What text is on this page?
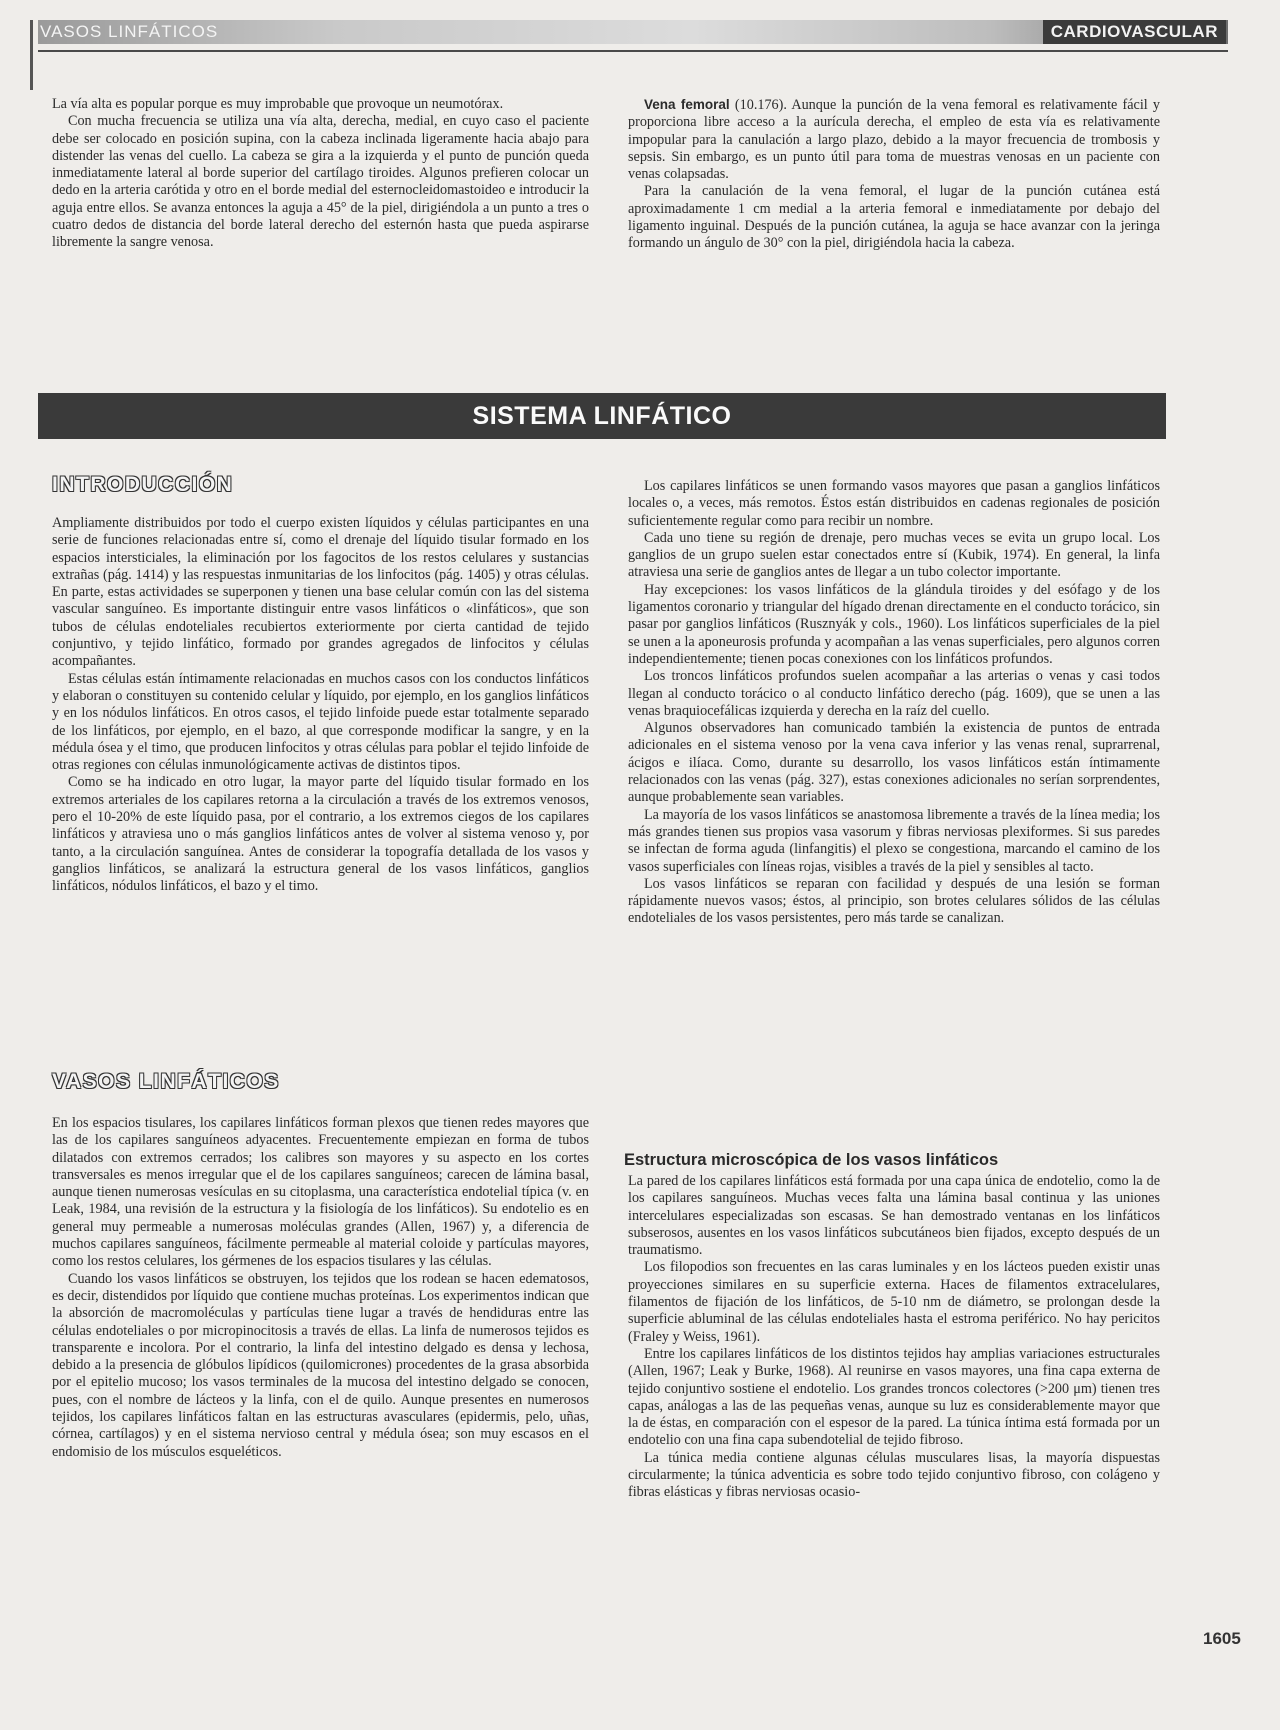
VASOS LINFÁTICOS	CARDIOVASCULAR

La vía alta es popular porque es muy improbable que provoque un neumotórax.

Con mucha frecuencia se utiliza una vía alta, derecha, medial, en cuyo caso el paciente debe ser colocado en posición supina, con la cabeza inclinada ligeramente hacia abajo para distender las venas del cuello. La cabeza se gira a la izquierda y el punto de punción queda inmediatamente lateral al borde superior del cartílago tiroides. Algunos prefieren colocar un dedo en la arteria carótida y otro en el borde medial del esternocleidomastoideo e introducir la aguja entre ellos. Se avanza entonces la aguja a 45° de la piel, dirigiéndola a un punto a tres o cuatro dedos de distancia del borde lateral derecho del esternón hasta que pueda aspirarse libremente la sangre venosa.

Vena femoral (10.176). Aunque la punción de la vena femoral es relativamente fácil y proporciona libre acceso a la aurícula derecha, el empleo de esta vía es relativamente impopular para la canulación a largo plazo, debido a la mayor frecuencia de trombosis y sepsis. Sin embargo, es un punto útil para toma de muestras venosas en un paciente con venas colapsadas.

Para la canulación de la vena femoral, el lugar de la punción cutánea está aproximadamente 1 cm medial a la arteria femoral e inmediatamente por debajo del ligamento inguinal. Después de la punción cutánea, la aguja se hace avanzar con la jeringa formando un ángulo de 30° con la piel, dirigiéndola hacia la cabeza.

SISTEMA LINFÁTICO
INTRODUCCIÓN

Ampliamente distribuidos por todo el cuerpo existen líquidos y células participantes en una serie de funciones relacionadas entre sí, como el drenaje del líquido tisular formado en los espacios intersticiales, la eliminación por los fagocitos de los restos celulares y sustancias extrañas (pág. 1414) y las respuestas inmunitarias de los linfocitos (pág. 1405) y otras células. En parte, estas actividades se superponen y tienen una base celular común con las del sistema vascular sanguíneo. Es importante distinguir entre vasos linfáticos o «linfáticos», que son tubos de células endoteliales recubiertos exteriormente por cierta cantidad de tejido conjuntivo, y tejido linfático, formado por grandes agregados de linfocitos y células acompañantes.

Estas células están íntimamente relacionadas en muchos casos con los conductos linfáticos y elaboran o constituyen su contenido celular y líquido, por ejemplo, en los ganglios linfáticos y en los nódulos linfáticos. En otros casos, el tejido linfoide puede estar totalmente separado de los linfáticos, por ejemplo, en el bazo, al que corresponde modificar la sangre, y en la médula ósea y el timo, que producen linfocitos y otras células para poblar el tejido linfoide de otras regiones con células inmunológicamente activas de distintos tipos.

Como se ha indicado en otro lugar, la mayor parte del líquido tisular formado en los extremos arteriales de los capilares retorna a la circulación a través de los extremos venosos, pero el 10-20% de este líquido pasa, por el contrario, a los extremos ciegos de los capilares linfáticos y atraviesa uno o más ganglios linfáticos antes de volver al sistema venoso y, por tanto, a la circulación sanguínea. Antes de considerar la topografía detallada de los vasos y ganglios linfáticos, se analizará la estructura general de los vasos linfáticos, ganglios linfáticos, nódulos linfáticos, el bazo y el timo.

VASOS LINFÁTICOS

En los espacios tisulares, los capilares linfáticos forman plexos que tienen redes mayores que las de los capilares sanguíneos adyacentes. Frecuentemente empiezan en forma de tubos dilatados con extremos cerrados; los calibres son mayores y su aspecto en los cortes transversales es menos irregular que el de los capilares sanguíneos; carecen de lámina basal, aunque tienen numerosas vesículas en su citoplasma, una característica endotelial típica (v. en Leak, 1984, una revisión de la estructura y la fisiología de los linfáticos). Su endotelio es en general muy permeable a numerosas moléculas grandes (Allen, 1967) y, a diferencia de muchos capilares sanguíneos, fácilmente permeable al material coloide y partículas mayores, como los restos celulares, los gérmenes de los espacios tisulares y las células.

Cuando los vasos linfáticos se obstruyen, los tejidos que los rodean se hacen edematosos, es decir, distendidos por líquido que contiene muchas proteínas. Los experimentos indican que la absorción de macromoléculas y partículas tiene lugar a través de hendiduras entre las células endoteliales o por micropinocitosis a través de ellas. La linfa de numerosos tejidos es transparente e incolora. Por el contrario, la linfa del intestino delgado es densa y lechosa, debido a la presencia de glóbulos lipídicos (quilomicrones) procedentes de la grasa absorbida por el epitelio mucoso; los vasos terminales de la mucosa del intestino delgado se conocen, pues, con el nombre de lácteos y la linfa, con el de quilo. Aunque presentes en numerosos tejidos, los capilares linfáticos faltan en las estructuras avasculares (epidermis, pelo, uñas, córnea, cartílagos) y en el sistema nervioso central y médula ósea; son muy escasos en el endomisio de los músculos esqueléticos.

Los capilares linfáticos se unen formando vasos mayores que pasan a ganglios linfáticos locales o, a veces, más remotos. Éstos están distribuidos en cadenas regionales de posición suficientemente regular como para recibir un nombre.

Cada uno tiene su región de drenaje, pero muchas veces se evita un grupo local. Los ganglios de un grupo suelen estar conectados entre sí (Kubik, 1974). En general, la linfa atraviesa una serie de ganglios antes de llegar a un tubo colector importante.

Hay excepciones: los vasos linfáticos de la glándula tiroides y del esófago y de los ligamentos coronario y triangular del hígado drenan directamente en el conducto torácico, sin pasar por ganglios linfáticos (Rusznyák y cols., 1960). Los linfáticos superficiales de la piel se unen a la aponeurosis profunda y acompañan a las venas superficiales, pero algunos corren independientemente; tienen pocas conexiones con los linfáticos profundos.

Los troncos linfáticos profundos suelen acompañar a las arterias o venas y casi todos llegan al conducto torácico o al conducto linfático derecho (pág. 1609), que se unen a las venas braquiocefálicas izquierda y derecha en la raíz del cuello.

Algunos observadores han comunicado también la existencia de puntos de entrada adicionales en el sistema venoso por la vena cava inferior y las venas renal, suprarrenal, ácigos e ilíaca. Como, durante su desarrollo, los vasos linfáticos están íntimamente relacionados con las venas (pág. 327), estas conexiones adicionales no serían sorprendentes, aunque probablemente sean variables.

La mayoría de los vasos linfáticos se anastomosa libremente a través de la línea media; los más grandes tienen sus propios vasa vasorum y fibras nerviosas plexiformes. Si sus paredes se infectan de forma aguda (linfangitis) el plexo se congestiona, marcando el camino de los vasos superficiales con líneas rojas, visibles a través de la piel y sensibles al tacto.

Los vasos linfáticos se reparan con facilidad y después de una lesión se forman rápidamente nuevos vasos; éstos, al principio, son brotes celulares sólidos de las células endoteliales de los vasos persistentes, pero más tarde se canalizan.

Estructura microscópica de los vasos linfáticos

La pared de los capilares linfáticos está formada por una capa única de endotelio, como la de los capilares sanguíneos. Muchas veces falta una lámina basal continua y las uniones intercelulares especializadas son escasas. Se han demostrado ventanas en los linfáticos subserosos, ausentes en los vasos linfáticos subcutáneos bien fijados, excepto después de un traumatismo.

Los filopodios son frecuentes en las caras luminales y en los lácteos pueden existir unas proyecciones similares en su superficie externa. Haces de filamentos extracelulares, filamentos de fijación de los linfáticos, de 5-10 nm de diámetro, se prolongan desde la superficie abluminal de las células endoteliales hasta el estroma periférico. No hay pericitos (Fraley y Weiss, 1961).

Entre los capilares linfáticos de los distintos tejidos hay amplias variaciones estructurales (Allen, 1967; Leak y Burke, 1968). Al reunirse en vasos mayores, una fina capa externa de tejido conjuntivo sostiene el endotelio. Los grandes troncos colectores (>200 μm) tienen tres capas, análogas a las de las pequeñas venas, aunque su luz es considerablemente mayor que la de éstas, en comparación con el espesor de la pared. La túnica íntima está formada por un endotelio con una fina capa subendotelial de tejido fibroso.

La túnica media contiene algunas células musculares lisas, la mayoría dispuestas circularmente; la túnica adventicia es sobre todo tejido conjuntivo fibroso, con colágeno y fibras elásticas y fibras nerviosas ocasio-

1605
